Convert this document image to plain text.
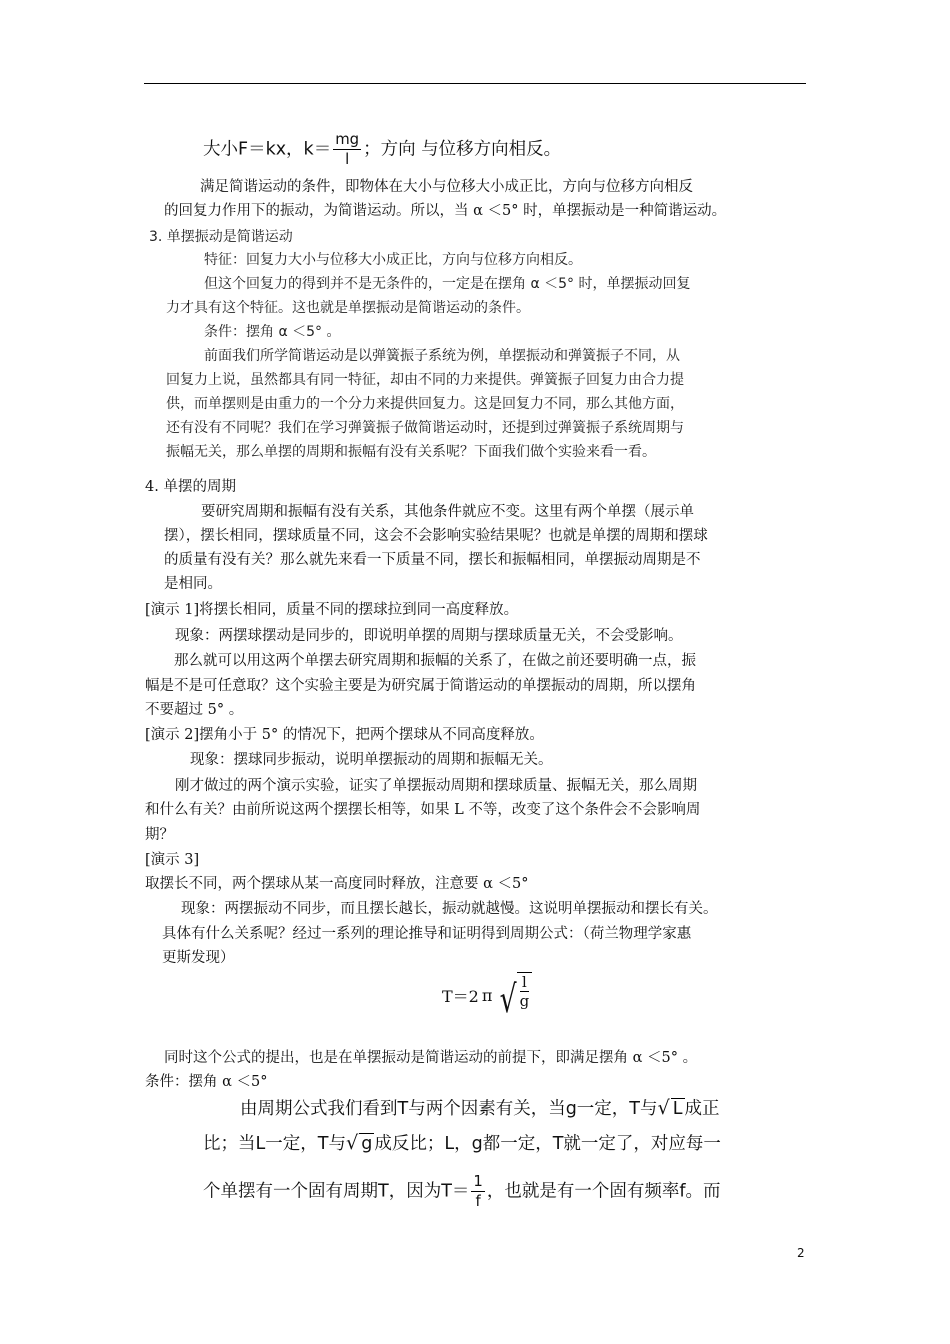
大小F＝kx，$k= \frac{mg}{l}$ ；方向 与位移方向相反。
满足简谐运动的条件，即物体在大小与位移大小成正比，方向与位移方向相反
的回复力作用下的振动，为简谐运动。所以，当 α ＜5° 时，单摆振动是一种简谐运动。
3. 单摆振动是简谐运动
特征：回复力大小与位移大小成正比，方向与位移方向相反。
但这个回复力的得到并不是无条件的，一定是在摆角 α ＜5° 时，单摆振动回复
力才具有这个特征。这也就是单摆振动是简谐运动的条件。
条件：摆角 α ＜5° 。
前面我们所学简谐运动是以弹簧振子系统为例，单摆振动和弹簧振子不同，从
回复力上说，虽然都具有同一特征，却由不同的力来提供。弹簧振子回复力由合力提
供，而单摆则是由重力的一个分力来提供回复力。这是回复力不同，那么其他方面，
还有没有不同呢？我们在学习弹簧振子做简谐运动时，还提到过弹簧振子系统周期与
振幅无关，那么单摆的周期和振幅有没有关系呢？下面我们做个实验来看一看。
4. 单摆的周期
要研究周期和振幅有没有关系，其他条件就应不变。这里有两个单摆（展示单
摆），摆长相同，摆球质量不同，这会不会影响实验结果呢？也就是单摆的周期和摆球
的质量有没有关？那么就先来看一下质量不同，摆长和振幅相同，单摆振动周期是不
是相同。
[演示 1]将摆长相同，质量不同的摆球拉到同一高度释放。
现象：两摆球摆动是同步的，即说明单摆的周期与摆球质量无关，不会受影响。
那么就可以用这两个单摆去研究周期和振幅的关系了，在做之前还要明确一点，振
幅是不是可任意取？这个实验主要是为研究属于简谐运动的单摆振动的周期，所以摆角
不要超过 5° 。
[演示 2]摆角小于 5° 的情况下，把两个摆球从不同高度释放。
现象：摆球同步振动，说明单摆振动的周期和振幅无关。
刚才做过的两个演示实验，证实了单摆振动周期和摆球质量、振幅无关，那么周期
和什么有关？由前所说这两个摆摆长相等，如果 L 不等，改变了这个条件会不会影响周
期？
[演示 3]
取摆长不同，两个摆球从某一高度同时释放，注意要 α ＜5°
现象：两摆振动不同步，而且摆长越长，振动就越慢。这说明单摆振动和摆长有关。
具体有什么关系呢？经过一系列的理论推导和证明得到周期公式：（荷兰物理学家惠
更斯发现）
T＝2 π √ $\frac{l}{g}$
同时这个公式的提出，也是在单摆振动是简谐运动的前提下，即满足摆角 α ＜5° 。
条件：摆角 α ＜5°
由周期公式我们看到T与两个因素有关，当g一定，T与√ L 成正
比；当L一定，T与√ g 成反比；L，g都一定，T就一定了，对应每一
个单摆有一个固有周期T，因为$T= \frac{1}{f}$ ，也就是有一个固有频率f。而
2
